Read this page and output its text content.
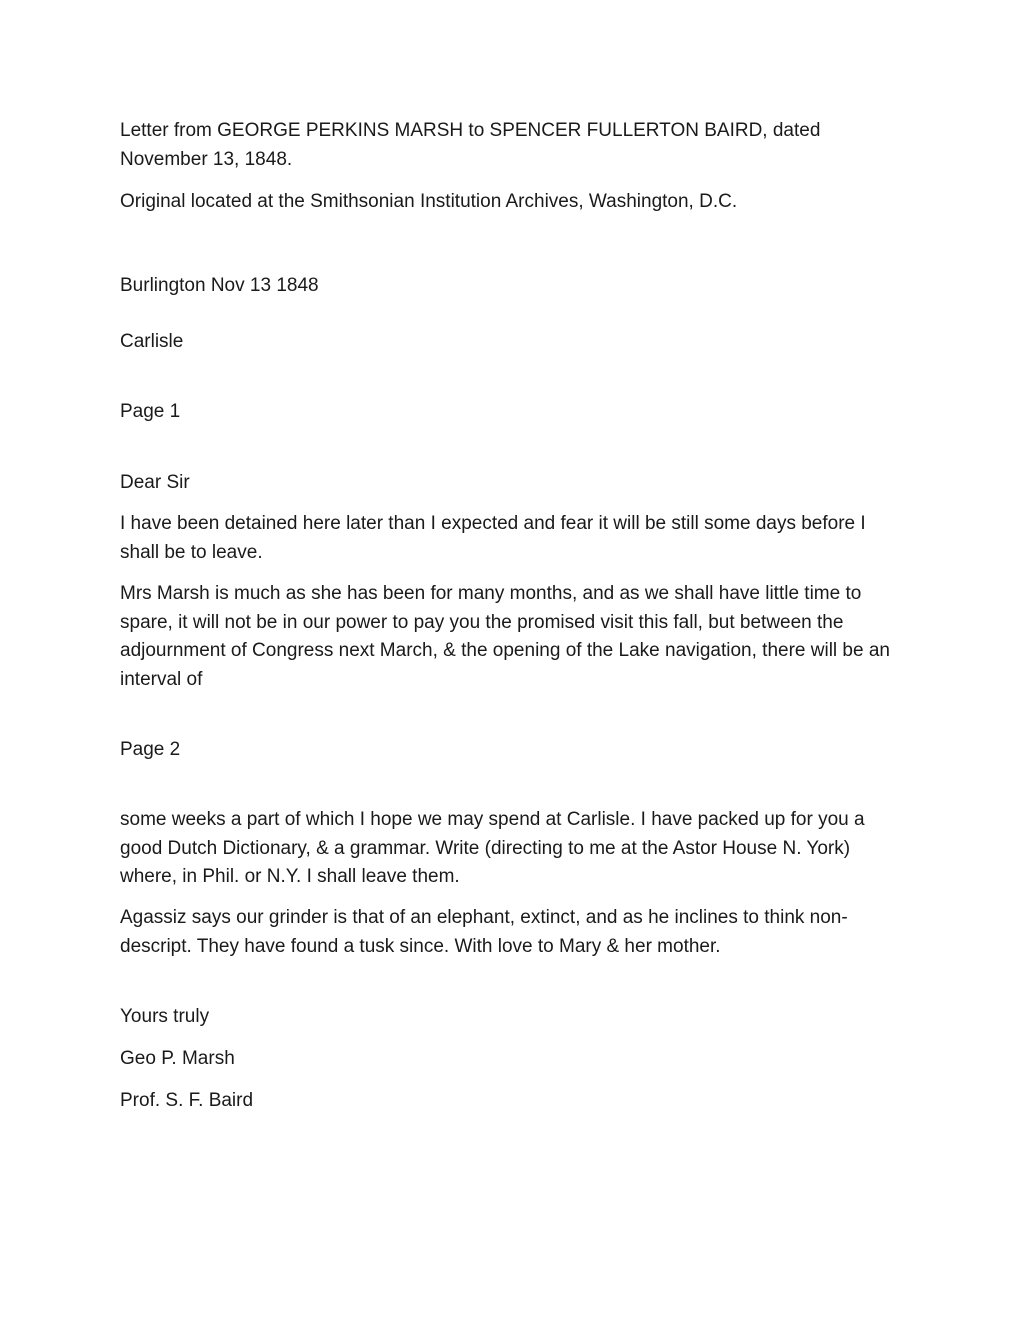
Letter from GEORGE PERKINS MARSH to SPENCER FULLERTON BAIRD, dated November 13, 1848.

Original located at the Smithsonian Institution Archives, Washington, D.C.

Burlington Nov 13 1848

Carlisle

Page 1

Dear Sir

I have been detained here later than I expected and fear it will be still some days before I shall be to leave.

Mrs Marsh is much as she has been for many months, and as we shall have little time to spare, it will not be in our power to pay you the promised visit this fall, but between the adjournment of Congress next March, & the opening of the Lake navigation, there will be an interval of

Page 2

some weeks a part of which I hope we may spend at Carlisle. I have packed up for you a good Dutch Dictionary, & a grammar. Write (directing to me at the Astor House N. York) where, in Phil. or N.Y. I shall leave them.

Agassiz says our grinder is that of an elephant, extinct, and as he inclines to think non-descript. They have found a tusk since. With love to Mary & her mother.

Yours truly

Geo P. Marsh

Prof. S. F. Baird
